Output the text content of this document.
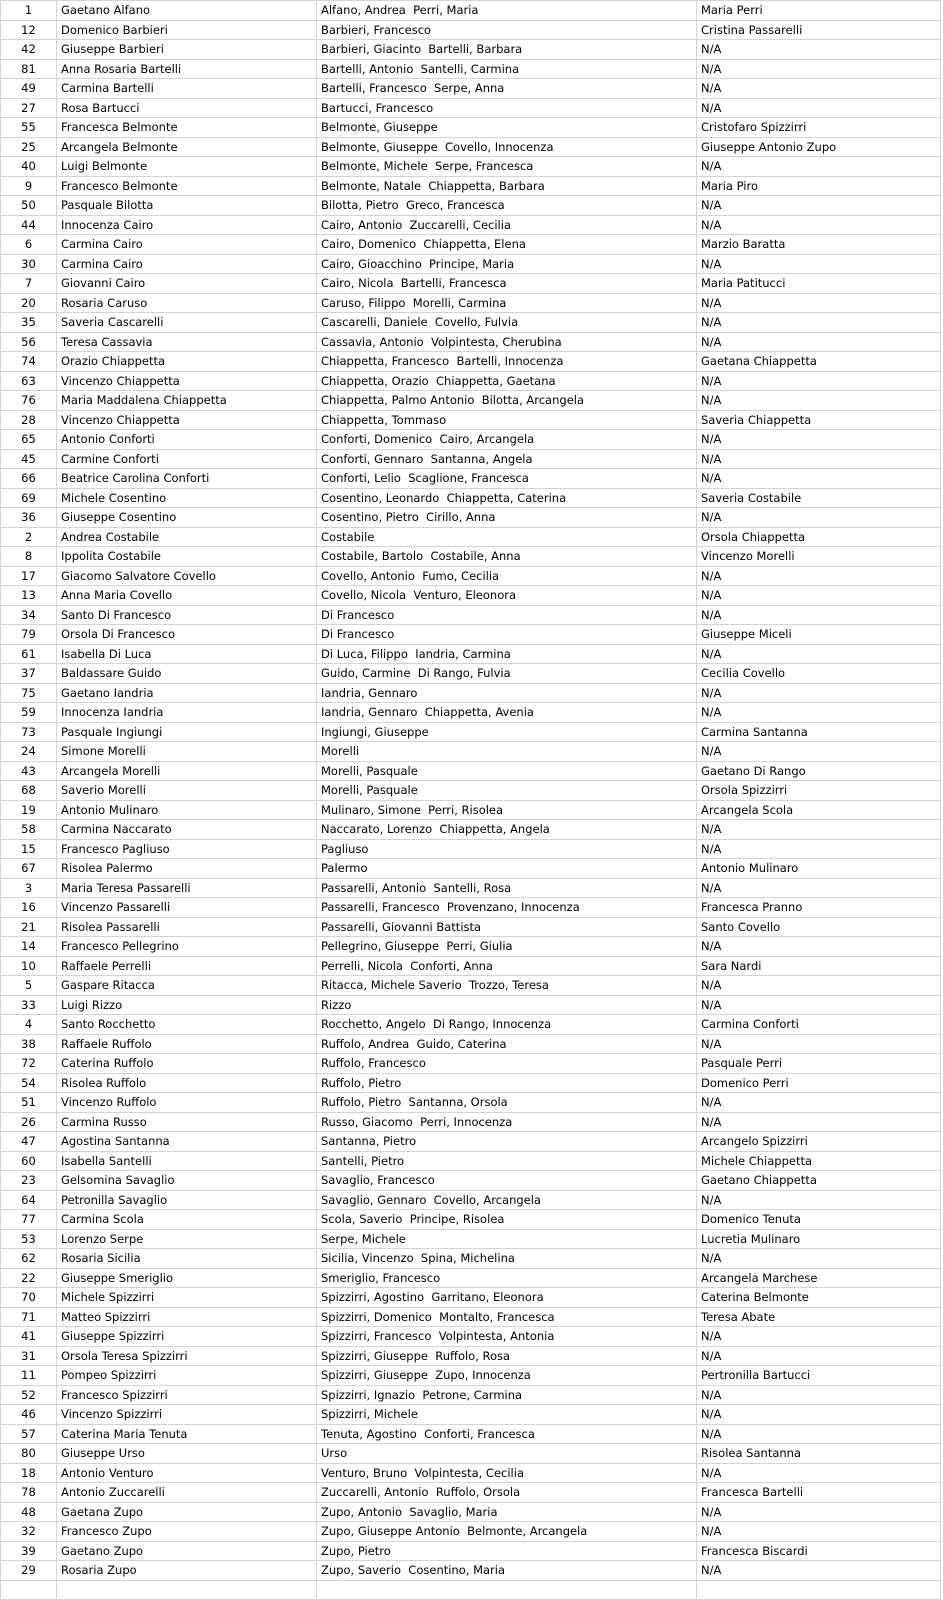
1	Gaetano Alfano	Alfano, Andrea  Perri, Maria	Maria Perri
12	Domenico Barbieri	Barbieri, Francesco	Cristina Passarelli
42	Giuseppe Barbieri	Barbieri, Giacinto  Bartelli, Barbara	N/A
81	Anna Rosaria Bartelli	Bartelli, Antonio  Santelli, Carmina	N/A
49	Carmina Bartelli	Bartelli, Francesco  Serpe, Anna	N/A
27	Rosa Bartucci	Bartucci, Francesco	N/A
55	Francesca Belmonte	Belmonte, Giuseppe	Cristofaro Spizzirri
25	Arcangela Belmonte	Belmonte, Giuseppe  Covello, Innocenza	Giuseppe Antonio Zupo
40	Luigi Belmonte	Belmonte, Michele  Serpe, Francesca	N/A
9	Francesco Belmonte	Belmonte, Natale  Chiappetta, Barbara	Maria Piro
50	Pasquale Bilotta	Bilotta, Pietro  Greco, Francesca	N/A
44	Innocenza Cairo	Cairo, Antonio  Zuccarelli, Cecilia	N/A
6	Carmina Cairo	Cairo, Domenico  Chiappetta, Elena	Marzio Baratta
30	Carmina Cairo	Cairo, Gioacchino  Principe, Maria	N/A
7	Giovanni Cairo	Cairo, Nicola  Bartelli, Francesca	Maria Patitucci
20	Rosaria Caruso	Caruso, Filippo  Morelli, Carmina	N/A
35	Saveria Cascarelli	Cascarelli, Daniele  Covello, Fulvia	N/A
56	Teresa Cassavia	Cassavia, Antonio  Volpintesta, Cherubina	N/A
74	Orazio Chiappetta	Chiappetta, Francesco  Bartelli, Innocenza	Gaetana Chiappetta
63	Vincenzo Chiappetta	Chiappetta, Orazio  Chiappetta, Gaetana	N/A
76	Maria Maddalena Chiappetta	Chiappetta, Palmo Antonio  Bilotta, Arcangela	N/A
28	Vincenzo Chiappetta	Chiappetta, Tommaso	Saveria Chiappetta
65	Antonio Conforti	Conforti, Domenico  Cairo, Arcangela	N/A
45	Carmine Conforti	Conforti, Gennaro  Santanna, Angela	N/A
66	Beatrice Carolina Conforti	Conforti, Lelio  Scaglione, Francesca	N/A
69	Michele Cosentino	Cosentino, Leonardo  Chiappetta, Caterina	Saveria Costabile
36	Giuseppe Cosentino	Cosentino, Pietro  Cirillo, Anna	N/A
2	Andrea Costabile	Costabile	Orsola Chiappetta
8	Ippolita Costabile	Costabile, Bartolo  Costabile, Anna	Vincenzo Morelli
17	Giacomo Salvatore Covello	Covello, Antonio  Fumo, Cecilia	N/A
13	Anna Maria Covello	Covello, Nicola  Venturo, Eleonora	N/A
34	Santo Di Francesco	Di Francesco	N/A
79	Orsola Di Francesco	Di Francesco	Giuseppe Miceli
61	Isabella Di Luca	Di Luca, Filippo  Iandria, Carmina	N/A
37	Baldassare Guido	Guido, Carmine  Di Rango, Fulvia	Cecilia Covello
75	Gaetano Iandria	Iandria, Gennaro	N/A
59	Innocenza Iandria	Iandria, Gennaro  Chiappetta, Avenia	N/A
73	Pasquale Ingiungi	Ingiungi, Giuseppe	Carmina Santanna
24	Simone Morelli	Morelli	N/A
43	Arcangela Morelli	Morelli, Pasquale	Gaetano Di Rango
68	Saverio Morelli	Morelli, Pasquale	Orsola Spizzirri
19	Antonio Mulinaro	Mulinaro, Simone  Perri, Risolea	Arcangela Scola
58	Carmina Naccarato	Naccarato, Lorenzo  Chiappetta, Angela	N/A
15	Francesco Pagliuso	Pagliuso	N/A
67	Risolea Palermo	Palermo	Antonio Mulinaro
3	Maria Teresa Passarelli	Passarelli, Antonio  Santelli, Rosa	N/A
16	Vincenzo Passarelli	Passarelli, Francesco  Provenzano, Innocenza	Francesca Pranno
21	Risolea Passarelli	Passarelli, Giovanni Battista	Santo Covello
14	Francesco Pellegrino	Pellegrino, Giuseppe  Perri, Giulia	N/A
10	Raffaele Perrelli	Perrelli, Nicola  Conforti, Anna	Sara Nardi
5	Gaspare Ritacca	Ritacca, Michele Saverio  Trozzo, Teresa	N/A
33	Luigi Rizzo	Rizzo	N/A
4	Santo Rocchetto	Rocchetto, Angelo  Di Rango, Innocenza	Carmina Conforti
38	Raffaele Ruffolo	Ruffolo, Andrea  Guido, Caterina	N/A
72	Caterina Ruffolo	Ruffolo, Francesco	Pasquale Perri
54	Risolea Ruffolo	Ruffolo, Pietro	Domenico Perri
51	Vincenzo Ruffolo	Ruffolo, Pietro  Santanna, Orsola	N/A
26	Carmina Russo	Russo, Giacomo  Perri, Innocenza	N/A
47	Agostina Santanna	Santanna, Pietro	Arcangelo Spizzirri
60	Isabella Santelli	Santelli, Pietro	Michele Chiappetta
23	Gelsomina Savaglio	Savaglio, Francesco	Gaetano Chiappetta
64	Petronilla Savaglio	Savaglio, Gennaro  Covello, Arcangela	N/A
77	Carmina Scola	Scola, Saverio  Principe, Risolea	Domenico Tenuta
53	Lorenzo Serpe	Serpe, Michele	Lucretia Mulinaro
62	Rosaria Sicilia	Sicilia, Vincenzo  Spina, Michelina	N/A
22	Giuseppe Smeriglio	Smeriglio, Francesco	Arcangela Marchese
70	Michele Spizzirri	Spizzirri, Agostino  Garritano, Eleonora	Caterina Belmonte
71	Matteo Spizzirri	Spizzirri, Domenico  Montalto, Francesca	Teresa Abate
41	Giuseppe Spizzirri	Spizzirri, Francesco  Volpintesta, Antonia	N/A
31	Orsola Teresa Spizzirri	Spizzirri, Giuseppe  Ruffolo, Rosa	N/A
11	Pompeo Spizzirri	Spizzirri, Giuseppe  Zupo, Innocenza	Pertronilla Bartucci
52	Francesco Spizzirri	Spizzirri, Ignazio  Petrone, Carmina	N/A
46	Vincenzo Spizzirri	Spizzirri, Michele	N/A
57	Caterina Maria Tenuta	Tenuta, Agostino  Conforti, Francesca	N/A
80	Giuseppe Urso	Urso	Risolea Santanna
18	Antonio Venturo	Venturo, Bruno  Volpintesta, Cecilia	N/A
78	Antonio Zuccarelli	Zuccarelli, Antonio  Ruffolo, Orsola	Francesca Bartelli
48	Gaetana Zupo	Zupo, Antonio  Savaglio, Maria	N/A
32	Francesco Zupo	Zupo, Giuseppe Antonio  Belmonte, Arcangela	N/A
39	Gaetano Zupo	Zupo, Pietro	Francesca Biscardi
29	Rosaria Zupo	Zupo, Saverio  Cosentino, Maria	N/A
